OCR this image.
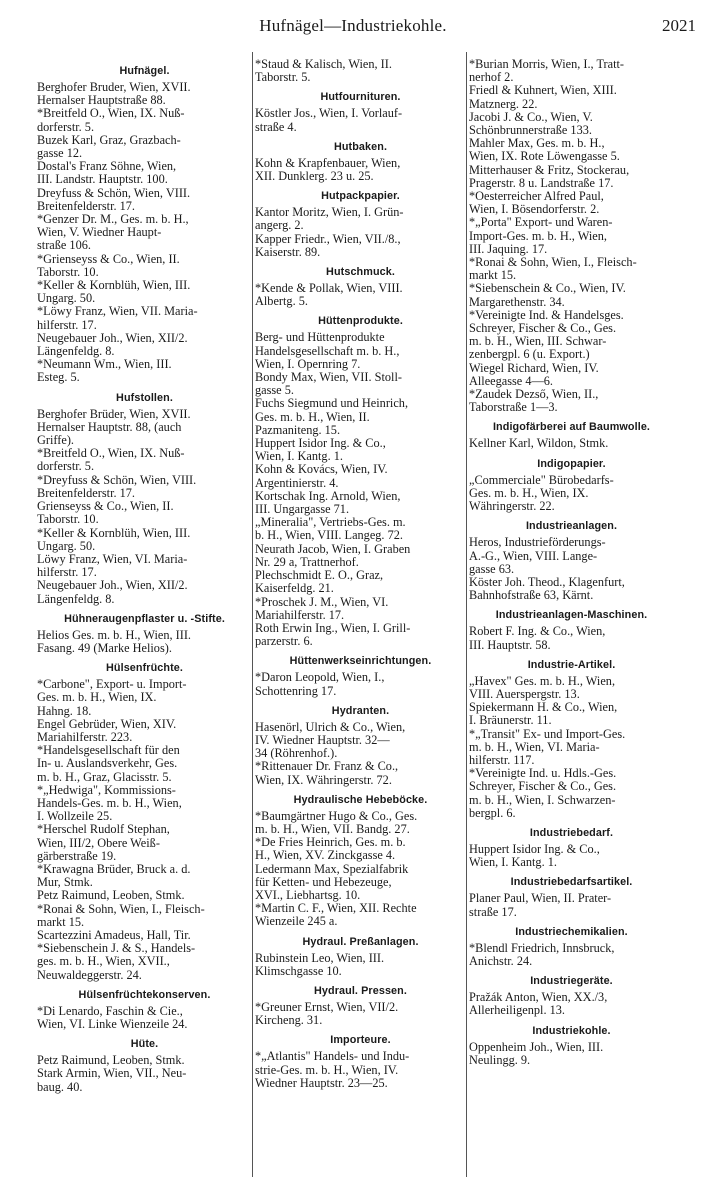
Hufnägel—Industriekohle.	2021
Hufnägel.
Berghofer Bruder, Wien, XVII.
Hernalser Hauptstraße 88.
*Breitfeld O., Wien, IX. Nuß-
dorferstr. 5.
Buzek Karl, Graz, Grazbach-
gasse 12.
Dostal's Franz Söhne, Wien,
III. Landstr. Hauptstr. 100.
Dreyfuss & Schön, Wien, VIII.
Breitenfelderstr. 17.
*Genzer Dr. M., Ges. m. b. H.,
Wien, V. Wiedner Haupt-
straße 106.
*Grienseyss & Co., Wien, II.
Taborstr. 10.
*Keller & Kornblüh, Wien, III.
Ungarg. 50.
*Löwy Franz, Wien, VII. Maria-
hilferstr. 17.
Neugebauer Joh., Wien, XII/2.
Längenfeldg. 8.
*Neumann Wm., Wien, III.
Esteg. 5.
Hufstollen.
Berghofer Brüder, Wien, XVII.
Hernalser Hauptstr. 88, (auch
Griffe).
*Breitfeld O., Wien, IX. Nuß-
dorferstr. 5.
*Dreyfuss & Schön, Wien, VIII.
Breitenfelderstr. 17.
Grienseyss & Co., Wien, II.
Taborstr. 10.
*Keller & Kornblüh, Wien, III.
Ungarg. 50.
Löwy Franz, Wien, VI. Maria-
hilferstr. 17.
Neugebauer Joh., Wien, XII/2.
Längenfeldg. 8.
Hühneraugenpflaster u. -Stifte.
Helios Ges. m. b. H., Wien, III.
Fasang. 49 (Marke Helios).
Hülsenfrüchte.
*Carbone", Export- u. Import-
Ges. m. b. H., Wien, IX.
Hahng. 18.
Engel Gebrüder, Wien, XIV.
Mariahilferstr. 223.
*Handelsgesellschaft für den
In- u. Auslandsverkehr, Ges.
m. b. H., Graz, Glacisstr. 5.
*„Hedwiga", Kommissions-
Handels-Ges. m. b. H., Wien,
I. Wollzeile 25.
*Herschel Rudolf Stephan,
Wien, III/2, Obere Weiß-
gärberstraße 19.
*Krawagna Brüder, Bruck a. d.
Mur, Stmk.
Petz Raimund, Leoben, Stmk.
*Ronai & Sohn, Wien, I., Fleisch-
markt 15.
Scartezzini Amadeus, Hall, Tir.
*Siebenschein J. & S., Handels-
ges. m. b. H., Wien, XVII.,
Neuwaldeggerstr. 24.
Hülsenfrüchtekonserven.
*Di Lenardo, Faschin & Cie.,
Wien, VI. Linke Wienzeile 24.
Hüte.
Petz Raimund, Leoben, Stmk.
Stark Armin, Wien, VII., Neu-
baug. 40.
*Staud & Kalisch, Wien, II.
Taborstr. 5.
Hutfournituren.
Köstler Jos., Wien, I. Vorlauf-
straße 4.
Hutbaken.
Kohn & Krapfenbauer, Wien,
XII. Dunklerg. 23 u. 25.
Hutpackpapier.
Kantor Moritz, Wien, I. Grün-
angerg. 2.
Kapper Friedr., Wien, VII./8.,
Kaiserstr. 89.
Hutschmuck.
*Kende & Pollak, Wien, VIII.
Albertg. 5.
Hüttenprodukte.
Berg- und Hüttenprodukte
Handelsgesellschaft m. b. H.,
Wien, I. Opernring 7.
Bondy Max, Wien, VII. Stoll-
gasse 5.
Fuchs Siegmund und Heinrich,
Ges. m. b. H., Wien, II.
Pazmaniteng. 15.
Huppert Isidor Ing. & Co.,
Wien, I. Kantg. 1.
Kohn & Kovács, Wien, IV.
Argentinierstr. 4.
Kortschak Ing. Arnold, Wien,
III. Ungargasse 71.
„Mineralia", Vertriebs-Ges. m.
b. H., Wien, VIII. Langeg. 72.
Neurath Jacob, Wien, I. Graben
Nr. 29 a, Trattnerhof.
Plechschmidt E. O., Graz,
Kaiserfeldg. 21.
*Proschek J. M., Wien, VI.
Mariahilferstr. 17.
Roth Erwin Ing., Wien, I. Grill-
parzerstr. 6.
Hüttenwerkseinrichtungen.
*Daron Leopold, Wien, I.,
Schottenring 17.
Hydranten.
Hasenörl, Ulrich & Co., Wien,
IV. Wiedner Hauptstr. 32—
34 (Röhrenhof.).
*Rittenauer Dr. Franz & Co.,
Wien, IX. Währingerstr. 72.
Hydraulische Hebeböcke.
*Baumgärtner Hugo & Co., Ges.
m. b. H., Wien, VII. Bandg. 27.
*De Fries Heinrich, Ges. m. b.
H., Wien, XV. Zinckgasse 4.
Ledermann Max, Spezialfabrik
für Ketten- und Hebezeuge,
XVI., Liebhartsg. 10.
*Martin C. F., Wien, XII. Rechte
Wienzeile 245 a.
Hydraul. Preßanlagen.
Rubinstein Leo, Wien, III.
Klimschgasse 10.
Hydraul. Pressen.
*Greuner Ernst, Wien, VII/2.
Kircheng. 31.
Importeure.
*„Atlantis" Handels- und Indu-
strie-Ges. m. b. H., Wien, IV.
Wiedner Hauptstr. 23—25.
*Burian Morris, Wien, I., Tratt-
nerhof 2.
Friedl & Kuhnert, Wien, XIII.
Matznerg. 22.
Jacobi J. & Co., Wien, V.
Schönbrunnerstraße 133.
Mahler Max, Ges. m. b. H.,
Wien, IX. Rote Löwengasse 5.
Mitterhauser & Fritz, Stockerau,
Pragerstr. 8 u. Landstraße 17.
*Oesterreicher Alfred Paul,
Wien, I. Bösendorferstr. 2.
*„Porta" Export- und Waren-
Import-Ges. m. b. H., Wien,
III. Jaquing. 17.
*Ronai & Sohn, Wien, I., Fleisch-
markt 15.
*Siebenschein & Co., Wien, IV.
Margarethenstr. 34.
*Vereinigte Ind. & Handelsges.
Schreyer, Fischer & Co., Ges.
m. b. H., Wien, III. Schwar-
zenbergpl. 6 (u. Export.)
Wiegel Richard, Wien, IV.
Alleegasse 4—6.
*Zaudek Dezső, Wien, II.,
Taborstraße 1—3.
Indigofärberei auf Baumwolle.
Kellner Karl, Wildon, Stmk.
Indigopapier.
„Commerciale" Bürobedarfs-
Ges. m. b. H., Wien, IX.
Währingerstr. 22.
Industrieanlagen.
Heros, Industrieförderungs-
A.-G., Wien, VIII. Lange-
gasse 63.
Köster Joh. Theod., Klagenfurt,
Bahnhofstraße 63, Kärnt.
Industrieanlagen-Maschinen.
Robert F. Ing. & Co., Wien,
III. Hauptstr. 58.
Industrie-Artikel.
„Havex" Ges. m. b. H., Wien,
VIII. Auerspergstr. 13.
Spiekermann H. & Co., Wien,
I. Bräunerstr. 11.
*„Transit" Ex- und Import-Ges.
m. b. H., Wien, VI. Maria-
hilferstr. 117.
*Vereinigte Ind. u. Hdls.-Ges.
Schreyer, Fischer & Co., Ges.
m. b. H., Wien, I. Schwarzen-
bergpl. 6.
Industriebedarf.
Huppert Isidor Ing. & Co.,
Wien, I. Kantg. 1.
Industriebedarfsartikel.
Planer Paul, Wien, II. Prater-
straße 17.
Industriechemikalien.
*Blendl Friedrich, Innsbruck,
Anichstr. 24.
Industriegeräte.
Pražák Anton, Wien, XX./3,
Allerheiligenpl. 13.
Industriekohle.
Oppenheim Joh., Wien, III.
Neulingg. 9.
